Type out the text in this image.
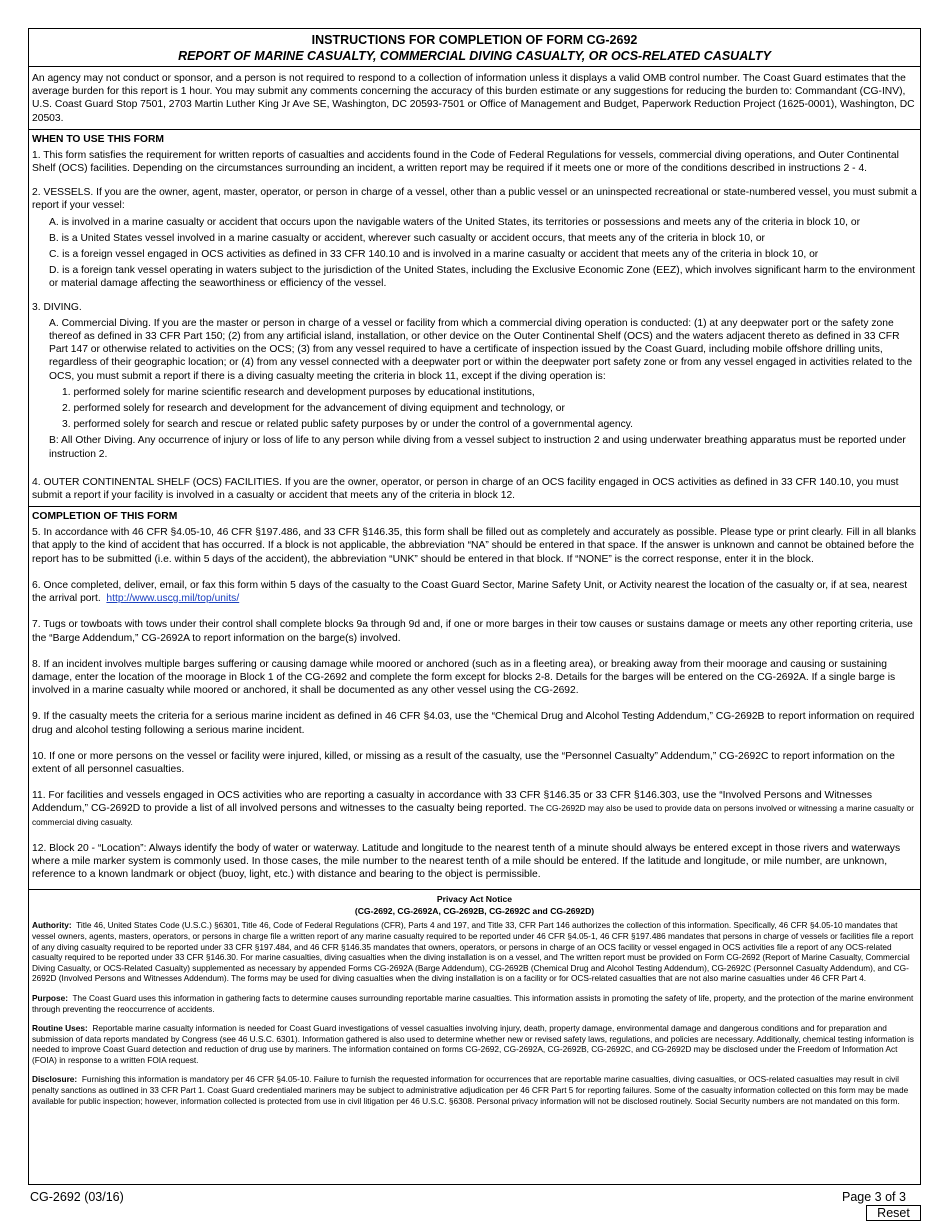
INSTRUCTIONS FOR COMPLETION OF FORM CG-2692
REPORT OF MARINE CASUALTY, COMMERCIAL DIVING CASUALTY, OR OCS-RELATED CASUALTY
An agency may not conduct or sponsor, and a person is not required to respond to a collection of information unless it displays a valid OMB control number. The Coast Guard estimates that the average burden for this report is 1 hour. You may submit any comments concerning the accuracy of this burden estimate or any suggestions for reducing the burden to: Commandant (CG-INV), U.S. Coast Guard Stop 7501, 2703 Martin Luther King Jr Ave SE, Washington, DC 20593-7501 or Office of Management and Budget, Paperwork Reduction Project (1625-0001), Washington, DC 20503.
WHEN TO USE THIS FORM

1. This form satisfies the requirement for written reports of casualties and accidents found in the Code of Federal Regulations for vessels, commercial diving operations, and Outer Continental Shelf (OCS) facilities. Depending on the circumstances surrounding an incident, a written report may be required if it meets one or more of the conditions described in instructions 2 - 4.

2. VESSELS. If you are the owner, agent, master, operator, or person in charge of a vessel, other than a public vessel or an uninspected recreational or state-numbered vessel, you must submit a report if your vessel:

A. is involved in a marine casualty or accident that occurs upon the navigable waters of the United States, its territories or possessions and meets any of the criteria in block 10, or

B. is a United States vessel involved in a marine casualty or accident, wherever such casualty or accident occurs, that meets any of the criteria in block 10, or

C. is a foreign vessel engaged in OCS activities as defined in 33 CFR 140.10 and is involved in a marine casualty or accident that meets any of the criteria in block 10, or

D. is a foreign tank vessel operating in waters subject to the jurisdiction of the United States, including the Exclusive Economic Zone (EEZ), which involves significant harm to the environment or material damage affecting the seaworthiness or efficiency of the vessel.

3. DIVING.

A. Commercial Diving. If you are the master or person in charge of a vessel or facility from which a commercial diving operation is conducted: (1) at any deepwater port or the safety zone thereof as defined in 33 CFR Part 150; (2) from any artificial island, installation, or other device on the Outer Continental Shelf (OCS) and the waters adjacent thereto as defined in 33 CFR Part 147 or otherwise related to activities on the OCS; (3) from any vessel required to have a certificate of inspection issued by the Coast Guard, including mobile offshore drilling units, regardless of their geographic location; or (4) from any vessel connected with a deepwater port or within the deepwater port safety zone or from any vessel engaged in activities related to the OCS, you must submit a report if there is a diving casualty meeting the criteria in block 11, except if the diving operation is:

1. performed solely for marine scientific research and development purposes by educational institutions,

2. performed solely for research and development for the advancement of diving equipment and technology, or

3. performed solely for search and rescue or related public safety purposes by or under the control of a governmental agency.

B: All Other Diving. Any occurrence of injury or loss of life to any person while diving from a vessel subject to instruction 2 and using underwater breathing apparatus must be reported under instruction 2.

4. OUTER CONTINENTAL SHELF (OCS) FACILITIES. If you are the owner, operator, or person in charge of an OCS facility engaged in OCS activities as defined in 33 CFR 140.10, you must submit a report if your facility is involved in a casualty or accident that meets any of the criteria in block 12.

COMPLETION OF THIS FORM

5. In accordance with 46 CFR §4.05-10, 46 CFR §197.486, and 33 CFR §146.35, this form shall be filled out as completely and accurately as possible. Please type or print clearly. Fill in all blanks that apply to the kind of accident that has occurred. If a block is not applicable, the abbreviation “NA” should be entered in that space. If the answer is unknown and cannot be obtained before the report has to be submitted (i.e. within 5 days of the accident), the abbreviation “UNK” should be entered in that block. If “NONE” is the correct response, enter it in the block.

6. Once completed, deliver, email, or fax this form within 5 days of the casualty to the Coast Guard Sector, Marine Safety Unit, or Activity nearest the location of the casualty or, if at sea, nearest the arrival port. http://www.uscg.mil/top/units/

7. Tugs or towboats with tows under their control shall complete blocks 9a through 9d and, if one or more barges in their tow causes or sustains damage or meets any other reporting criteria, use the “Barge Addendum,” CG-2692A to report information on the barge(s) involved.

8. If an incident involves multiple barges suffering or causing damage while moored or anchored (such as in a fleeting area), or breaking away from their moorage and causing or sustaining damage, enter the location of the moorage in Block 1 of the CG-2692 and complete the form except for blocks 2-8. Details for the barges will be entered on the CG-2692A. If a single barge is involved in a marine casualty while moored or anchored, it shall be documented as any other vessel using the CG-2692.

9. If the casualty meets the criteria for a serious marine incident as defined in 46 CFR §4.03, use the “Chemical Drug and Alcohol Testing Addendum,” CG-2692B to report information on required drug and alcohol testing following a serious marine incident.

10. If one or more persons on the vessel or facility were injured, killed, or missing as a result of the casualty, use the “Personnel Casualty” Addendum,” CG-2692C to report information on the extent of all personnel casualties.

11. For facilities and vessels engaged in OCS activities who are reporting a casualty in accordance with 33 CFR §146.35 or 33 CFR §146.303, use the “Involved Persons and Witnesses Addendum,” CG-2692D to provide a list of all involved persons and witnesses to the casualty being reported. The CG-2692D may also be used to provide data on persons involved or witnessing a marine casualty or commercial diving casualty.

12. Block 20 - “Location”: Always identify the body of water or waterway. Latitude and longitude to the nearest tenth of a minute should always be entered except in those rivers and waterways where a mile marker system is commonly used. In those cases, the mile number to the nearest tenth of a mile should be entered. If the latitude and longitude, or mile number, are unknown, reference to a known landmark or object (buoy, light, etc.) with distance and bearing to the object is permissible.

Privacy Act Notice
(CG-2692, CG-2692A, CG-2692B, CG-2692C and CG-2692D)

Authority: Title 46, United States Code (U.S.C.) §6301, Title 46, Code of Federal Regulations (CFR), Parts 4 and 197, and Title 33, CFR Part 146 authorizes the collection of this information. Specifically, 46 CFR §4.05-10 mandates that vessel owners, agents, masters, operators, or persons in charge file a written report of any marine casualty required to be reported under 46 CFR §4.05-1, 46 CFR §197.486 mandates that persons in charge of vessels or facilities file a report of any diving casualty required to be reported under 33 CFR §197.484, and 46 CFR §146.35 mandates that owners, operators, or persons in charge of an OCS facility or vessel engaged in OCS activities file a report of any OCS-related casualty required to be reported under 33 CFR §146.30. For marine casualties, diving casualties when the diving installation is on a vessel, and The written report must be provided on Form CG-2692 (Report of Marine Casualty, Commercial Diving Casualty, or OCS-Related Casualty) supplemented as necessary by appended Forms CG-2692A (Barge Addendum), CG-2692B (Chemical Drug and Alcohol Testing Addendum), CG-2692C (Personnel Casualty Addendum), and CG-2692D (Involved Persons and Witnesses Addendum). The forms may be used for diving casualties when the diving installation is on a facility or for OCS-related casualties that are not also marine casualties under 46 CFR Part 4.

Purpose: The Coast Guard uses this information in gathering facts to determine causes surrounding reportable marine casualties. This information assists in promoting the safety of life, property, and the protection of the marine environment through preventing the reoccurrence of accidents.

Routine Uses: Reportable marine casualty information is needed for Coast Guard investigations of vessel casualties involving injury, death, property damage, environmental damage and dangerous conditions and for preparation and submission of data reports mandated by Congress (see 46 U.S.C. 6301). Information gathered is also used to determine whether new or revised safety laws, regulations, and policies are necessary. Additionally, chemical testing information is needed to improve Coast Guard detection and reduction of drug use by mariners. The information contained on forms CG-2692, CG-2692A, CG-2692B, CG-2692C, and CG-2692D may be disclosed under the Freedom of Information Act (FOIA) in response to a written FOIA request.

Disclosure: Furnishing this information is mandatory per 46 CFR §4.05-10. Failure to furnish the requested information for occurrences that are reportable marine casualties, diving casualties, or OCS-related casualties may result in civil penalty sanctions as outlined in 33 CFR Part 1. Coast Guard credentialed mariners may be subject to administrative adjudication per 46 CFR Part 5 for reporting failures. Some of the casualty information collected on this form may be made available for public inspection; however, information collected is protected from use in civil litigation per 46 U.S.C. §6308. Personal privacy information will not be disclosed routinely. Social Security numbers are not mandated on this form.

CG-2692 (03/16)	Page 3 of 3
Reset
